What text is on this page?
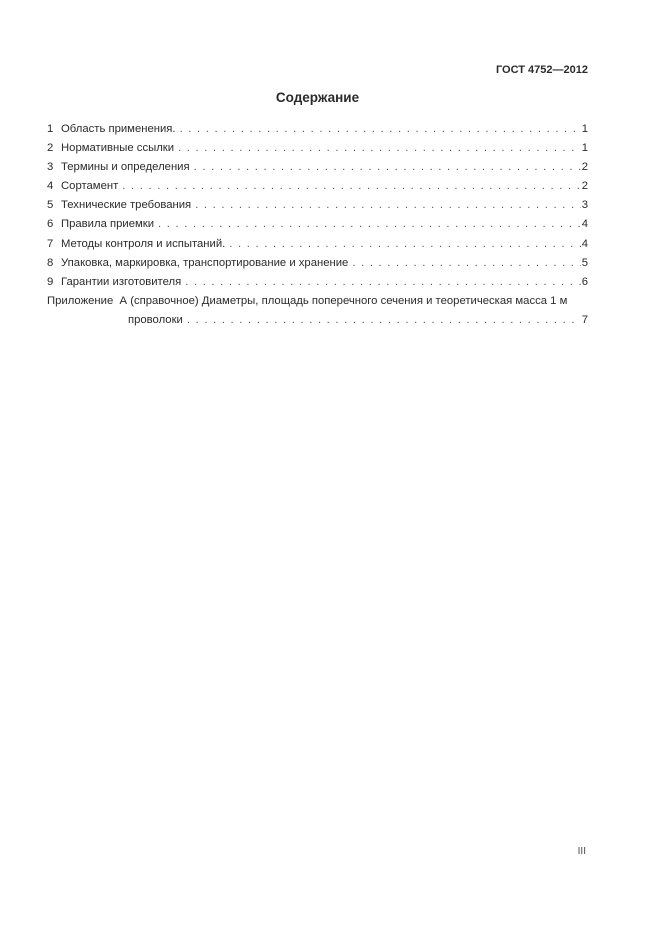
ГОСТ 4752—2012
Содержание
1 Область применения. .....	1
2 Нормативные ссылки .....	1
3 Термины и определения .....	2
4 Сортамент .....	2
5 Технические требования .....	3
6 Правила приемки .....	4
7 Методы контроля и испытаний. .....	4
8 Упаковка, маркировка, транспортирование и хранение .....	5
9 Гарантии изготовителя .....	6
Приложение  А (справочное) Диаметры, площадь поперечного сечения и теоретическая масса 1 м
проволоки .....	7
III
